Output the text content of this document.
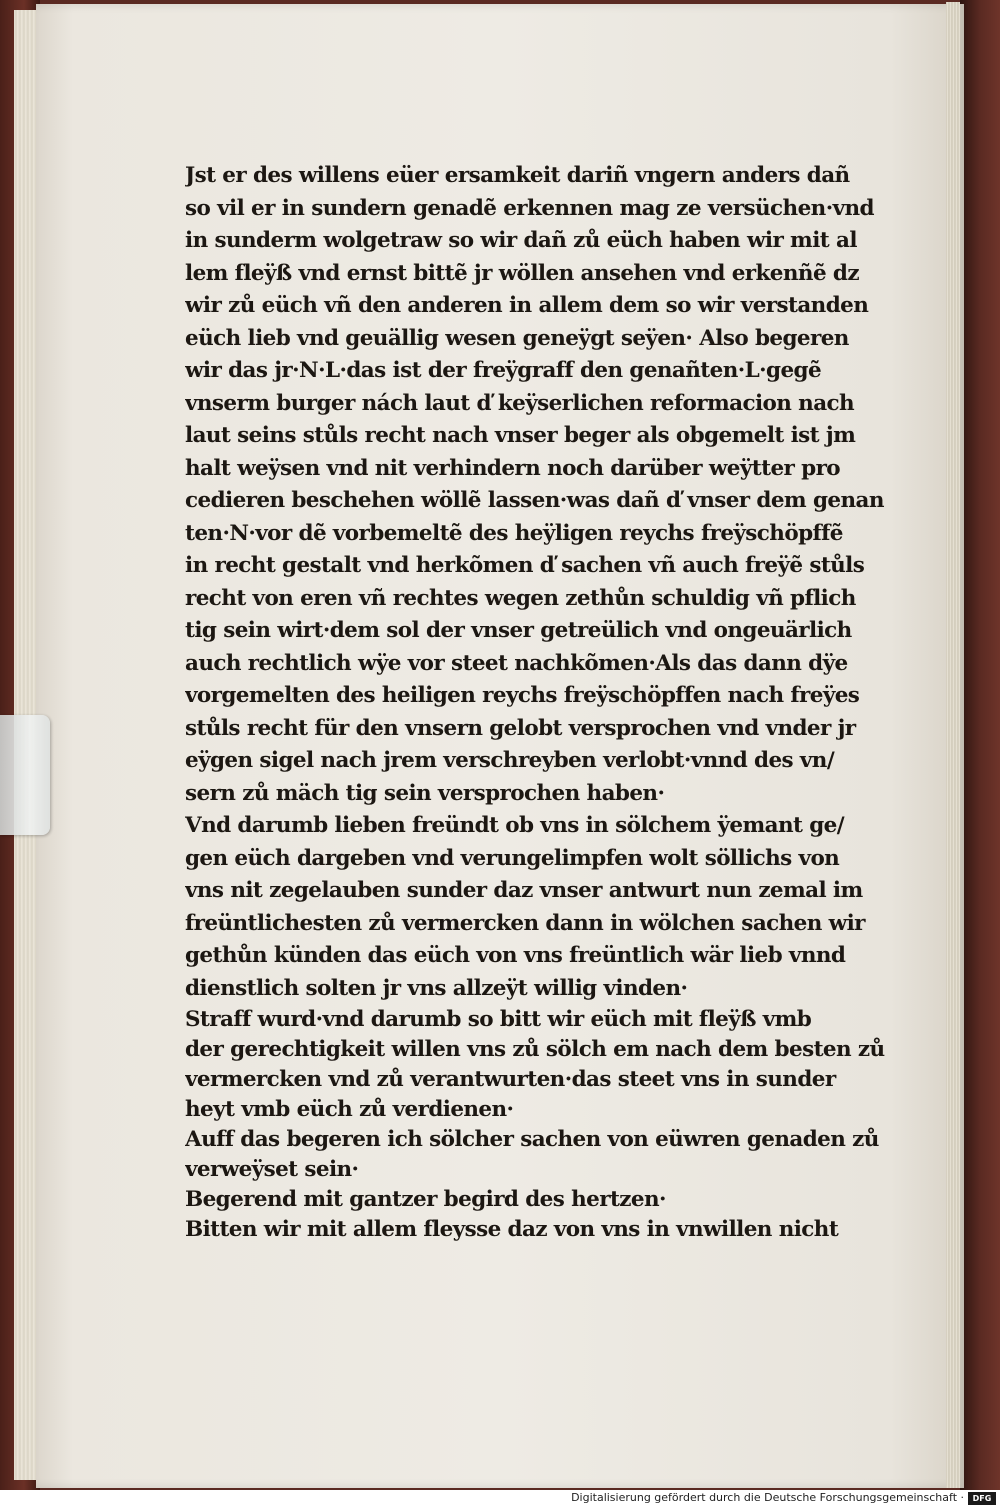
Jst er des willens eüer ersamkeit dariñ vngern anders dañ
so vil er in sundern genadẽ erkennen mag ze versüchen·vnd
in sunderm wolgetraw so wir dañ zů eüch haben wir mit al
lem fleÿß vnd ernst bittẽ jr wöllen ansehen vnd erkenñẽ dz
wir zů eüch vñ den anderen in allem dem so wir verstanden
eüch lieb vnd geuällig wesen geneÿgt seÿen· Also begeren
wir das jr·N·L·das ist der freÿgraff den genañten·L·gegẽ
vnserm burger nách laut ď keÿserlichen reformacion nach
laut seins stůls recht nach vnser beger als obgemelt ist jm
halt weÿsen vnd nit verhindern noch darüber weÿtter pro
cedieren beschehen wöllẽ lassen·was dañ ď vnser dem genan
ten·N·vor dẽ vorbemeltẽ des heÿligen reychs freÿschöpffẽ
in recht gestalt vnd herkõmen ď sachen vñ auch freÿẽ stůls
recht von eren vñ rechtes wegen zethůn schuldig vñ pflich
tig sein wirt·dem sol der vnser getreülich vnd ongeuärlich
auch rechtlich wÿe vor steet nachkõmen·Als das dann dÿe
vorgemelten des heiligen reychs freÿschöpffen nach freÿes
stůls recht für den vnsern gelobt versprochen vnd vnder jr
eÿgen sigel nach jrem verschreyben verlobt·vnnd des vn/
sern zů mäch tig sein versprochen haben·
Vnd darumb lieben freündt ob vns in sölchem ÿemant ge/
gen eüch dargeben vnd verungelimpfen wolt söllichs von
vns nit zegelauben sunder daz vnser antwurt nun zemal im
freüntlichesten zů vermercken dann in wölchen sachen wir
gethůn künden das eüch von vns freüntlich wär lieb vnnd
dienstlich solten jr vns allzeÿt willig vinden·
Straff wurd·vnd darumb so bitt wir eüch mit fleÿß vmb
der gerechtigkeit willen vns zů sölch em nach dem besten zů
vermercken vnd zů verantwurten·das steet vns in sunder
heyt vmb eüch zů verdienen·
Auff das begeren ich sölcher sachen von eüwren genaden zů
verweÿset sein·
Begerend mit gantzer begird des hertzen·
Bitten wir mit allem fleysse daz von vns in vnwillen nicht
Digitalisierung gefördert durch die Deutsche Forschungsgemeinschaft ·	DFG
